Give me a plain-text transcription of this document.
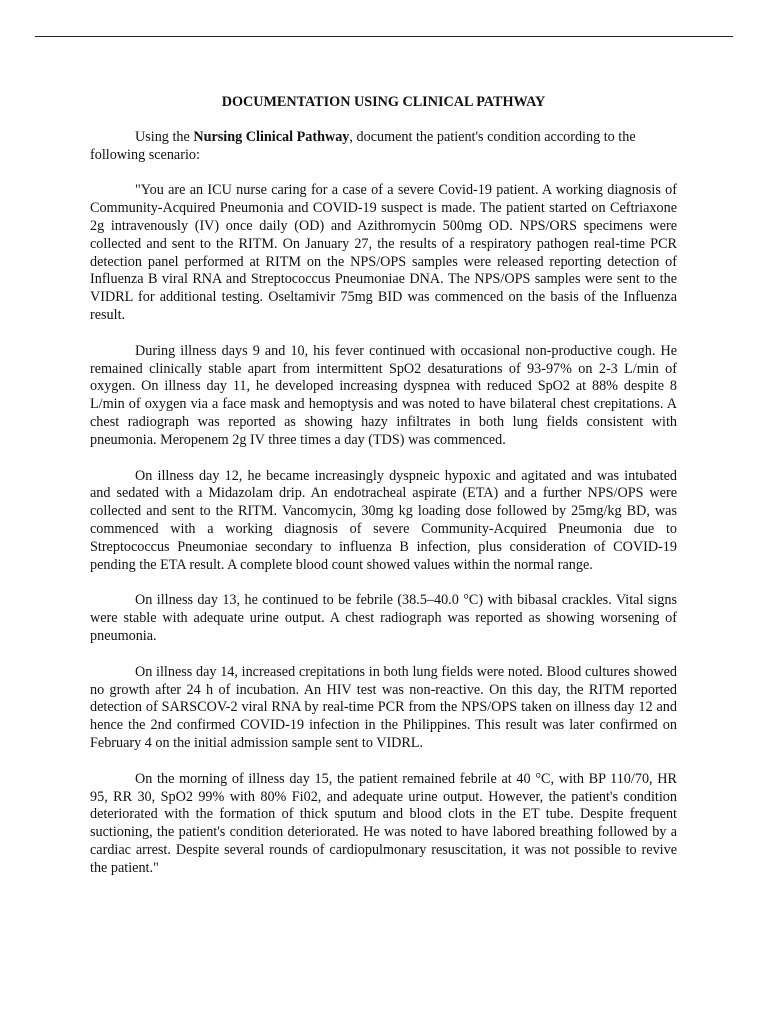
DOCUMENTATION USING CLINICAL PATHWAY

Using the Nursing Clinical Pathway, document the patient's condition according to the following scenario:

"You are an ICU nurse caring for a case of a severe Covid-19 patient. A working diagnosis of Community-Acquired Pneumonia and COVID-19 suspect is made. The patient started on Ceftriaxone 2g intravenously (IV) once daily (OD) and Azithromycin 500mg OD. NPS/ORS specimens were collected and sent to the RITM. On January 27, the results of a respiratory pathogen real-time PCR detection panel performed at RITM on the NPS/OPS samples were released reporting detection of Influenza B viral RNA and Streptococcus Pneumoniae DNA. The NPS/OPS samples were sent to the VIDRL for additional testing. Oseltamivir 75mg BID was commenced on the basis of the Influenza result.

During illness days 9 and 10, his fever continued with occasional non-productive cough. He remained clinically stable apart from intermittent SpO2 desaturations of 93-97% on 2-3 L/min of oxygen. On illness day 11, he developed increasing dyspnea with reduced SpO2 at 88% despite 8 L/min of oxygen via a face mask and hemoptysis and was noted to have bilateral chest crepitations. A chest radiograph was reported as showing hazy infiltrates in both lung fields consistent with pneumonia. Meropenem 2g IV three times a day (TDS) was commenced.

On illness day 12, he became increasingly dyspneic hypoxic and agitated and was intubated and sedated with a Midazolam drip. An endotracheal aspirate (ETA) and a further NPS/OPS were collected and sent to the RITM. Vancomycin, 30mg kg loading dose followed by 25mg/kg BD, was commenced with a working diagnosis of severe Community-Acquired Pneumonia due to Streptococcus Pneumoniae secondary to influenza B infection, plus consideration of COVID-19 pending the ETA result. A complete blood count showed values within the normal range.

On illness day 13, he continued to be febrile (38.5–40.0 °C) with bibasal crackles. Vital signs were stable with adequate urine output. A chest radiograph was reported as showing worsening of pneumonia.

On illness day 14, increased crepitations in both lung fields were noted. Blood cultures showed no growth after 24 h of incubation. An HIV test was non-reactive. On this day, the RITM reported detection of SARSCOV-2 viral RNA by real-time PCR from the NPS/OPS taken on illness day 12 and hence the 2nd confirmed COVID-19 infection in the Philippines. This result was later confirmed on February 4 on the initial admission sample sent to VIDRL.

On the morning of illness day 15, the patient remained febrile at 40 °C, with BP 110/70, HR 95, RR 30, SpO2 99% with 80% Fi02, and adequate urine output. However, the patient's condition deteriorated with the formation of thick sputum and blood clots in the ET tube. Despite frequent suctioning, the patient's condition deteriorated. He was noted to have labored breathing followed by a cardiac arrest. Despite several rounds of cardiopulmonary resuscitation, it was not possible to revive the patient."
